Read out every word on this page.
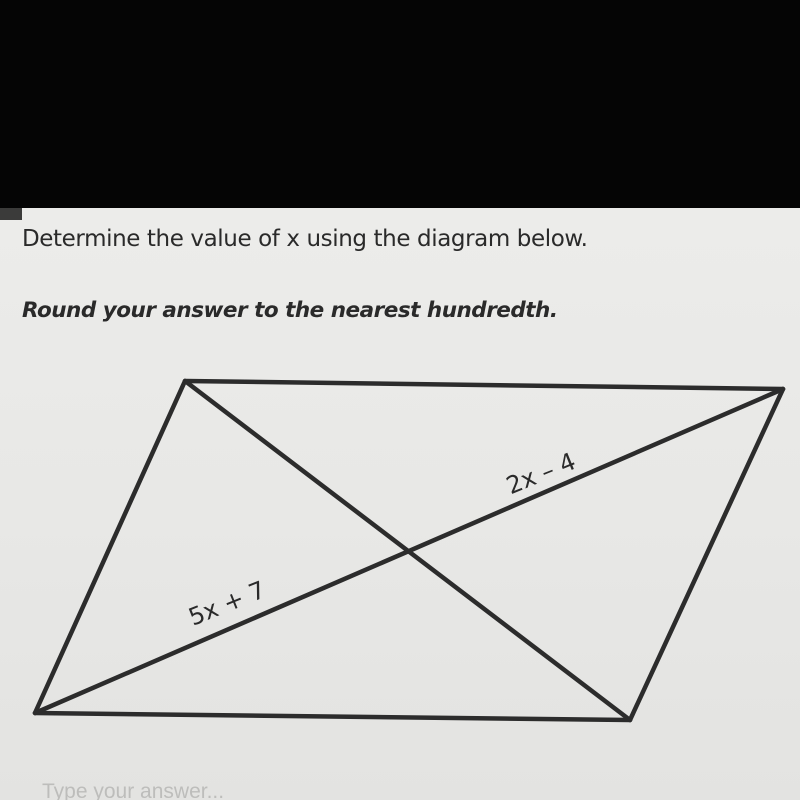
Determine the value of x using the diagram below.

Round your answer to the nearest hundredth.

5x + 7
2x – 4
Type your answer...
